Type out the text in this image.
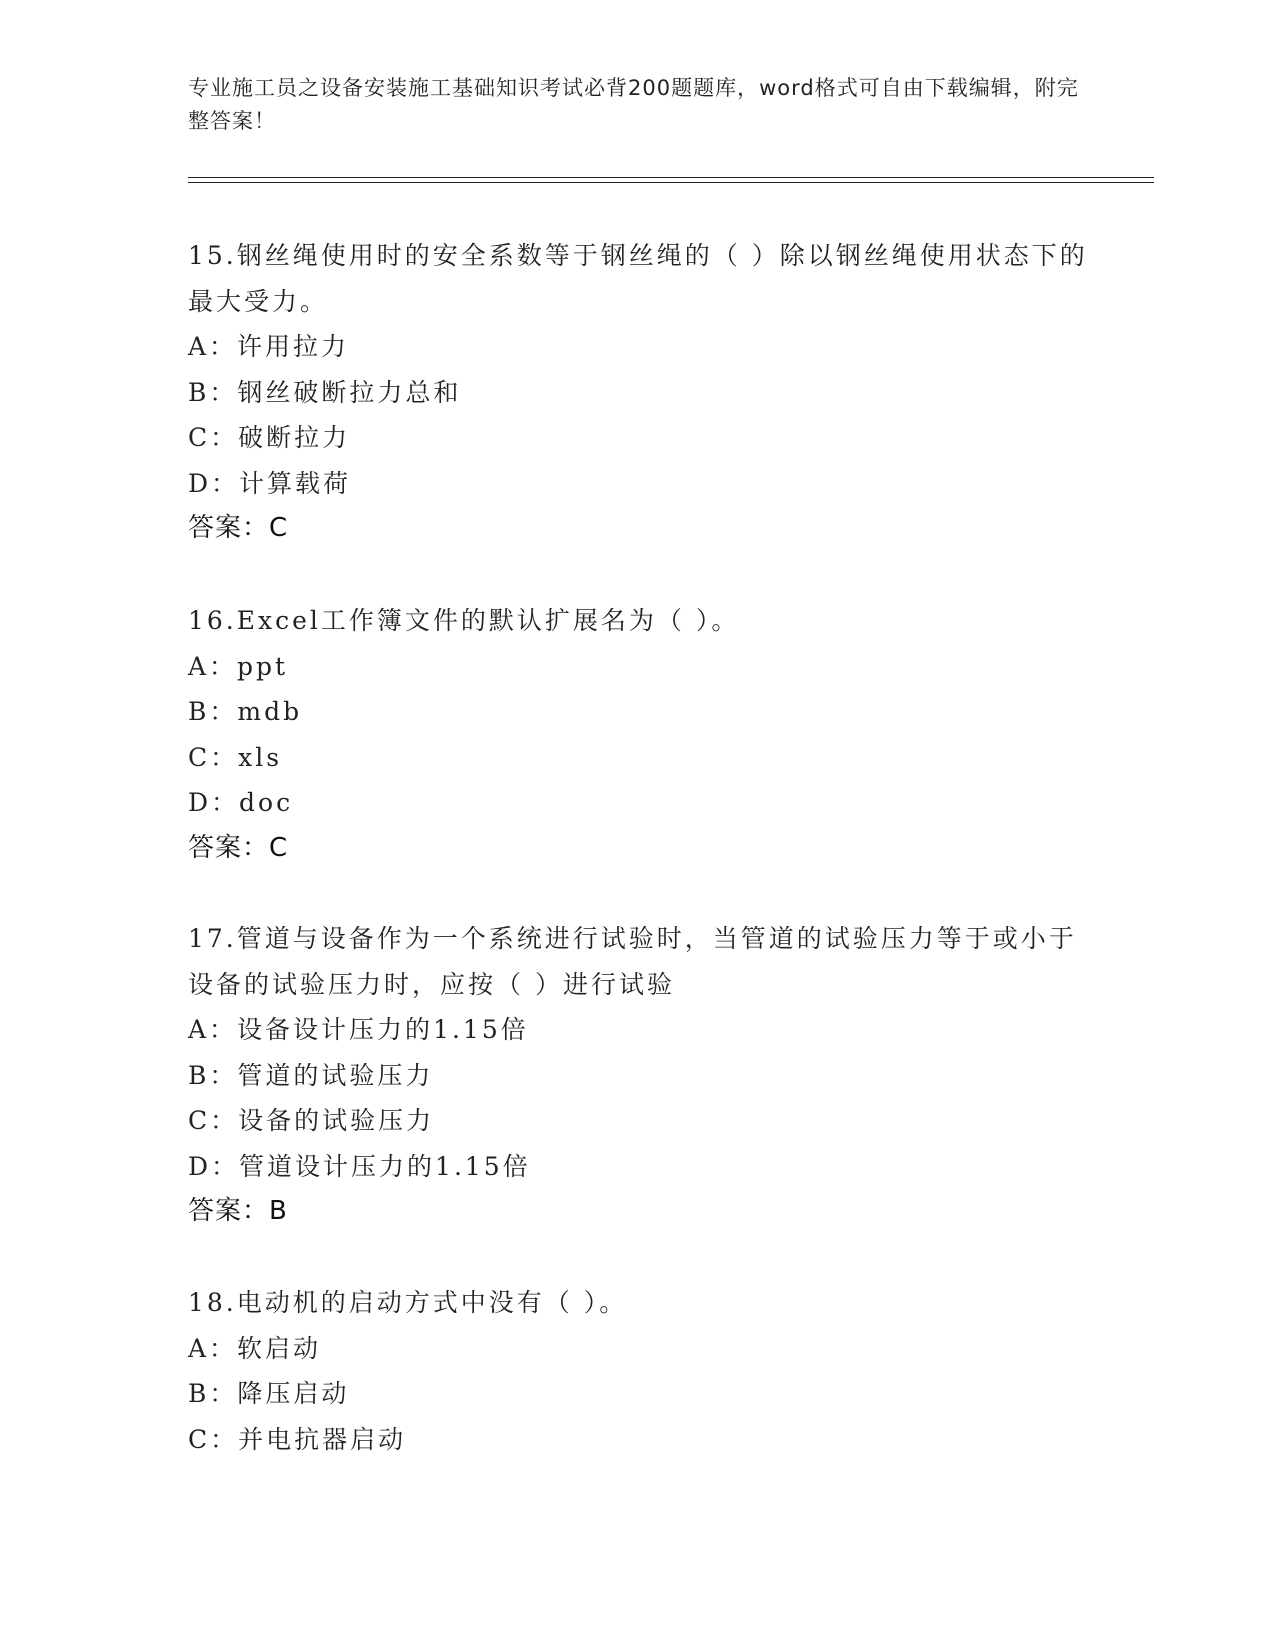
专业施工员之设备安装施工基础知识考试必背200题题库，word格式可自由下载编辑，附完整答案！
15.钢丝绳使用时的安全系数等于钢丝绳的（ ）除以钢丝绳使用状态下的最大受力。
A：许用拉力
B：钢丝破断拉力总和
C：破断拉力
D：计算载荷
答案：C
16.Excel工作簿文件的默认扩展名为（ ）。
A：ppt
B：mdb
C：xls
D：doc
答案：C
17.管道与设备作为一个系统进行试验时，当管道的试验压力等于或小于设备的试验压力时，应按（ ）进行试验
A：设备设计压力的1.15倍
B：管道的试验压力
C：设备的试验压力
D：管道设计压力的1.15倍
答案：B
18.电动机的启动方式中没有（ ）。
A：软启动
B：降压启动
C：并电抗器启动
